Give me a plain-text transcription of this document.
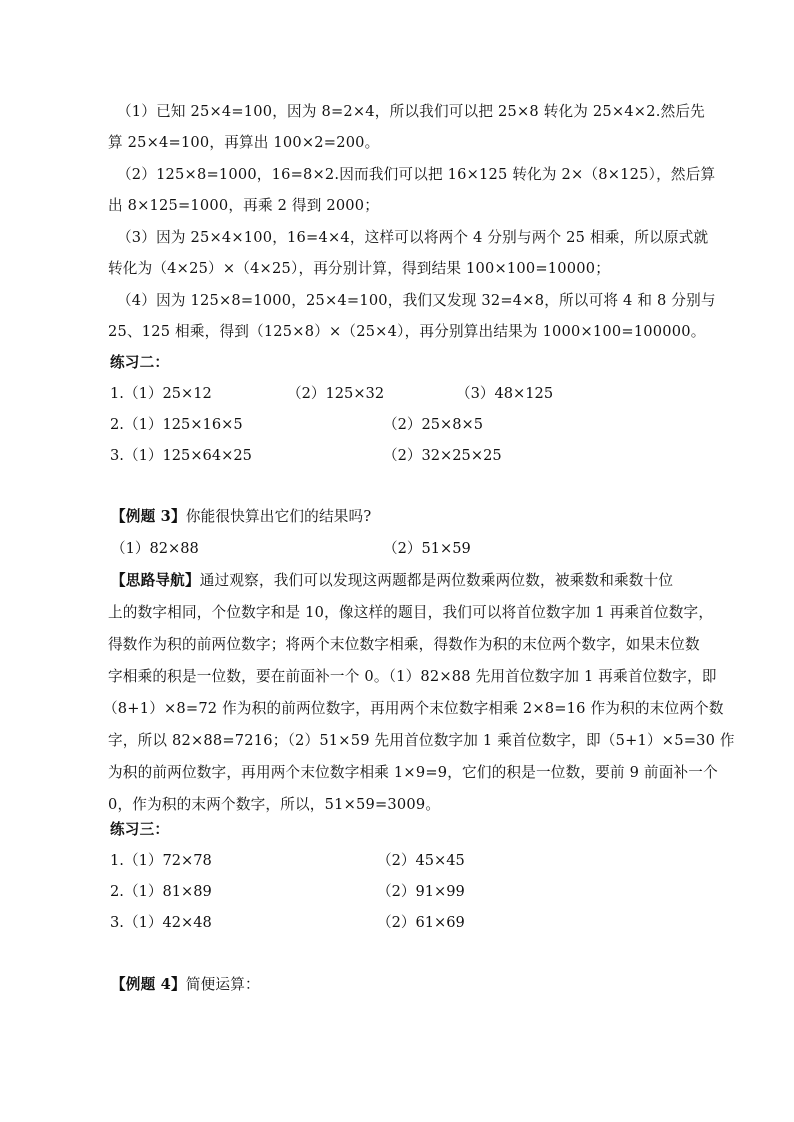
（1）已知 25×4=100，因为 8=2×4，所以我们可以把 25×8 转化为 25×4×2.然后先
算 25×4=100，再算出 100×2=200。
（2）125×8=1000，16=8×2.因而我们可以把 16×125 转化为 2×（8×125），然后算
出 8×125=1000，再乘 2 得到 2000；
（3）因为 25×4×100，16=4×4，这样可以将两个 4 分别与两个 25 相乘，所以原式就
转化为（4×25）×（4×25），再分别计算，得到结果 100×100=10000；
（4）因为 125×8=1000，25×4=100，我们又发现 32=4×8，所以可将 4 和 8 分别与
25、125 相乘，得到（125×8）×（25×4），再分别算出结果为 1000×100=100000。
练习二：
1. （1）25×12	（2）125×32	（3）48×125
2. （1）125×16×5	（2）25×8×5
3. （1）125×64×25	（2）32×25×25
【例题 3】你能很快算出它们的结果吗?
（1）82×88	（2）51×59
【思路导航】通过观察，我们可以发现这两题都是两位数乘两位数，被乘数和乘数十位
上的数字相同，个位数字和是 10，像这样的题目，我们可以将首位数字加 1 再乘首位数字，
得数作为积的前两位数字；将两个末位数字相乘，得数作为积的末位两个数字，如果末位数
字相乘的积是一位数，要在前面补一个 0。（1）82×88 先用首位数字加 1 再乘首位数字，即
（8+1）×8=72 作为积的前两位数字，再用两个末位数字相乘 2×8=16 作为积的末位两个数
字，所以 82×88=7216；（2）51×59 先用首位数字加 1 乘首位数字，即（5+1）×5=30 作
为积的前两位数字，再用两个末位数字相乘 1×9=9，它们的积是一位数，要前 9 前面补一个
0，作为积的末两个数字，所以，51×59=3009。
练习三：
1. （1）72×78	（2）45×45
2. （1）81×89	（2）91×99
3. （1）42×48	（2）61×69
【例题 4】简便运算：
